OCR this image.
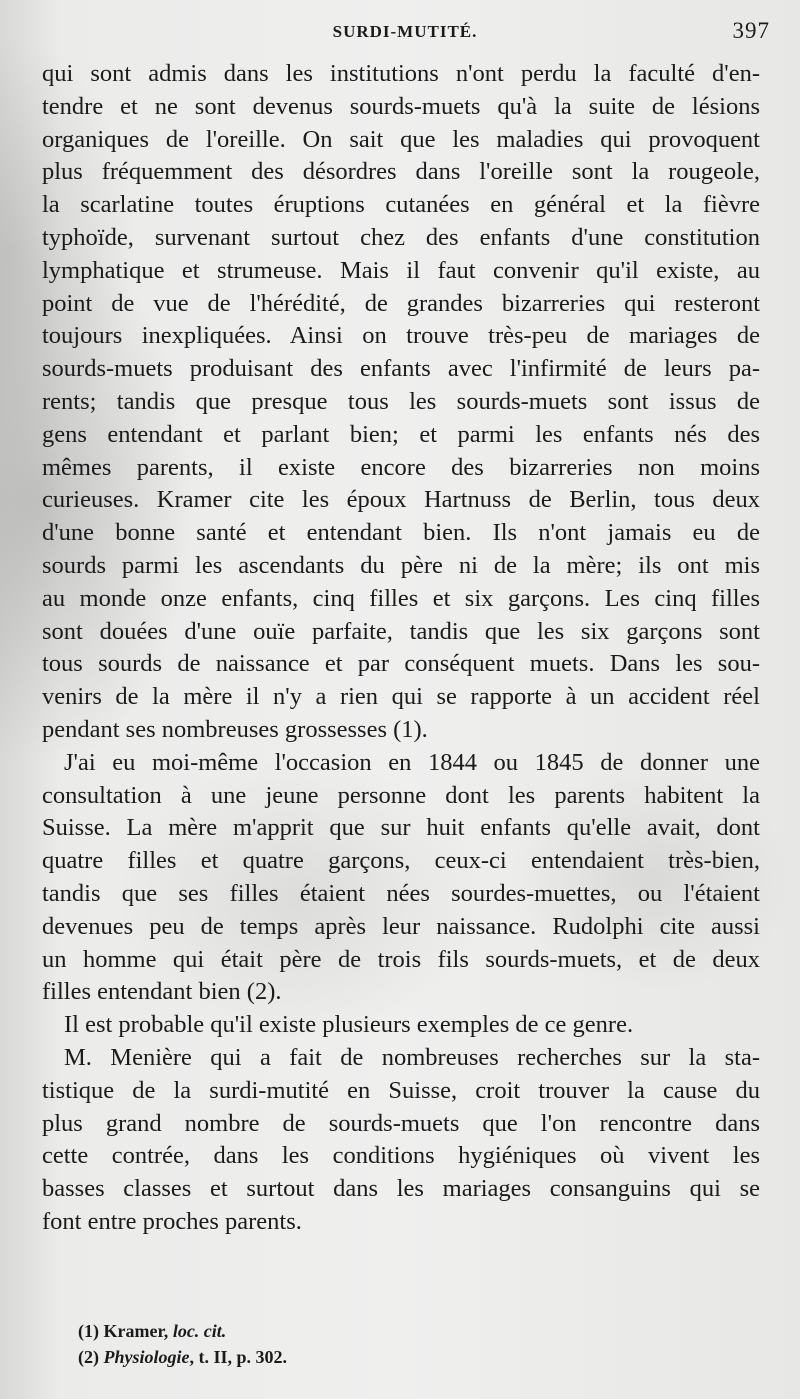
SURDI-MUTITÉ.	397
qui sont admis dans les institutions n'ont perdu la faculté d'en-
tendre et ne sont devenus sourds-muets qu'à la suite de lésions
organiques de l'oreille. On sait que les maladies qui provoquent
plus fréquemment des désordres dans l'oreille sont la rougeole,
la scarlatine toutes éruptions cutanées en général et la fièvre
typhoïde, survenant surtout chez des enfants d'une constitution
lymphatique et strumeuse. Mais il faut convenir qu'il existe, au
point de vue de l'hérédité, de grandes bizarreries qui resteront
toujours inexpliquées. Ainsi on trouve très-peu de mariages de
sourds-muets produisant des enfants avec l'infirmité de leurs pa-
rents; tandis que presque tous les sourds-muets sont issus de
gens entendant et parlant bien; et parmi les enfants nés des
mêmes parents, il existe encore des bizarreries non moins
curieuses. Kramer cite les époux Hartnuss de Berlin, tous deux
d'une bonne santé et entendant bien. Ils n'ont jamais eu de
sourds parmi les ascendants du père ni de la mère; ils ont mis
au monde onze enfants, cinq filles et six garçons. Les cinq filles
sont douées d'une ouïe parfaite, tandis que les six garçons sont
tous sourds de naissance et par conséquent muets. Dans les sou-
venirs de la mère il n'y a rien qui se rapporte à un accident réel
pendant ses nombreuses grossesses (1).
J'ai eu moi-même l'occasion en 1844 ou 1845 de donner une
consultation à une jeune personne dont les parents habitent la
Suisse. La mère m'apprit que sur huit enfants qu'elle avait, dont
quatre filles et quatre garçons, ceux-ci entendaient très-bien,
tandis que ses filles étaient nées sourdes-muettes, ou l'étaient
devenues peu de temps après leur naissance. Rudolphi cite aussi
un homme qui était père de trois fils sourds-muets, et de deux
filles entendant bien (2).
Il est probable qu'il existe plusieurs exemples de ce genre.
M. Menière qui a fait de nombreuses recherches sur la sta-
tistique de la surdi-mutité en Suisse, croit trouver la cause du
plus grand nombre de sourds-muets que l'on rencontre dans
cette contrée, dans les conditions hygiéniques où vivent les
basses classes et surtout dans les mariages consanguins qui se
font entre proches parents.
(1) Kramer, loc. cit.
(2) Physiologie, t. II, p. 302.
